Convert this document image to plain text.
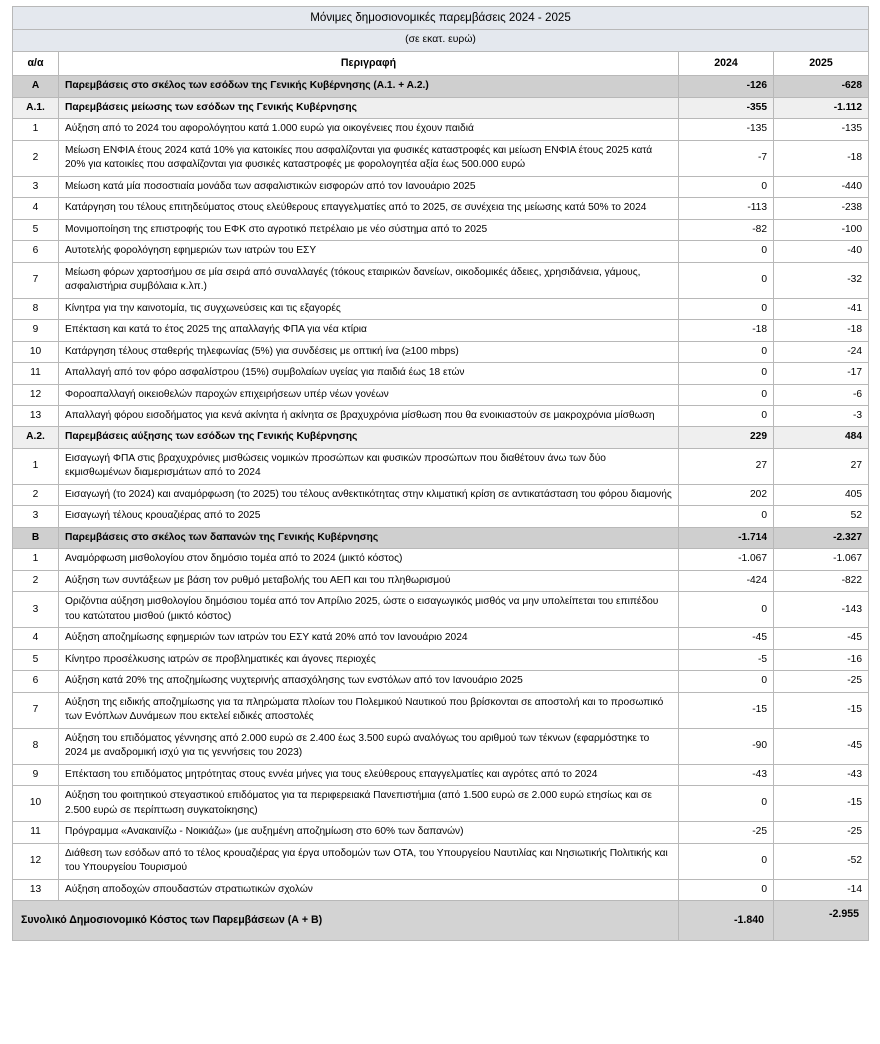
Μόνιμες δημοσιονομικές παρεμβάσεις 2024 - 2025			
(σε εκατ. ευρώ)			
α/α	Περιγραφή	2024	2025
Α	Παρεμβάσεις στο σκέλος των εσόδων της Γενικής Κυβέρνησης (Α.1. + Α.2.)	-126	-628
Α.1.	Παρεμβάσεις μείωσης των εσόδων της Γενικής Κυβέρνησης	-355	-1.112
1	Αύξηση από το 2024 του αφορολόγητου κατά 1.000 ευρώ για οικογένειες που έχουν παιδιά	-135	-135
2	Μείωση ΕΝΦΙΑ έτους 2024 κατά 10% για κατοικίες που ασφαλίζονται για φυσικές καταστροφές και μείωση ΕΝΦΙΑ έτους 2025 κατά 20% για κατοικίες που ασφαλίζονται για φυσικές καταστροφές με φορολογητέα αξία έως 500.000 ευρώ	-7	-18
3	Μείωση κατά μία ποσοστιαία μονάδα των ασφαλιστικών εισφορών από τον Ιανουάριο 2025	0	-440
4	Κατάργηση του τέλους επιτηδεύματος στους ελεύθερους επαγγελματίες από το 2025, σε συνέχεια της μείωσης κατά 50% το 2024	-113	-238
5	Μονιμοποίηση της επιστροφής του ΕΦΚ στο αγροτικό πετρέλαιο με νέο σύστημα από το 2025	-82	-100
6	Αυτοτελής φορολόγηση εφημεριών των ιατρών του ΕΣΥ	0	-40
7	Μείωση φόρων χαρτοσήμου σε μία σειρά από συναλλαγές (τόκους εταιρικών δανείων, οικοδομικές άδειες, χρησιδάνεια, γάμους, ασφαλιστήρια συμβόλαια κ.λπ.)	0	-32
8	Κίνητρα για την καινοτομία, τις συγχωνεύσεις και τις εξαγορές	0	-41
9	Επέκταση και κατά το έτος 2025 της απαλλαγής ΦΠΑ για νέα κτίρια	-18	-18
10	Κατάργηση τέλους σταθερής τηλεφωνίας (5%) για συνδέσεις με οπτική ίνα (≥100 mbps)	0	-24
11	Απαλλαγή από τον φόρο ασφαλίστρου (15%) συμβολαίων υγείας για παιδιά έως 18 ετών	0	-17
12	Φοροαπαλλαγή οικειοθελών παροχών επιχειρήσεων υπέρ νέων γονέων	0	-6
13	Απαλλαγή φόρου εισοδήματος για κενά ακίνητα ή ακίνητα σε βραχυχρόνια μίσθωση που θα ενοικιαστούν σε μακροχρόνια μίσθωση	0	-3
Α.2.	Παρεμβάσεις αύξησης των εσόδων της Γενικής Κυβέρνησης	229	484
1	Εισαγωγή ΦΠΑ στις βραχυχρόνιες μισθώσεις νομικών προσώπων και φυσικών προσώπων που διαθέτουν άνω των δύο εκμισθωμένων διαμερισμάτων από το 2024	27	27
2	Εισαγωγή (το 2024) και αναμόρφωση (το 2025) του τέλους ανθεκτικότητας στην κλιματική κρίση σε αντικατάσταση του φόρου διαμονής	202	405
3	Εισαγωγή τέλους κρουαζιέρας από το 2025	0	52
Β	Παρεμβάσεις στο σκέλος των δαπανών της Γενικής Κυβέρνησης	-1.714	-2.327
1	Αναμόρφωση μισθολογίου στον δημόσιο τομέα από το 2024 (μικτό κόστος)	-1.067	-1.067
2	Αύξηση των συντάξεων με βάση τον ρυθμό μεταβολής του ΑΕΠ και του πληθωρισμού	-424	-822
3	Οριζόντια αύξηση μισθολογίου δημόσιου τομέα από τον Απρίλιο 2025, ώστε ο εισαγωγικός μισθός να μην υπολείπεται του επιπέδου του κατώτατου μισθού (μικτό κόστος)	0	-143
4	Αύξηση αποζημίωσης εφημεριών των ιατρών του ΕΣΥ κατά 20% από τον Ιανουάριο 2024	-45	-45
5	Κίνητρο προσέλκυσης ιατρών σε προβληματικές και άγονες περιοχές	-5	-16
6	Αύξηση κατά 20% της αποζημίωσης νυχτερινής απασχόλησης των ενστόλων από τον Ιανουάριο 2025	0	-25
7	Αύξηση της ειδικής αποζημίωσης για τα πληρώματα πλοίων του Πολεμικού Ναυτικού που βρίσκονται σε αποστολή και το προσωπικό των Ενόπλων Δυνάμεων που εκτελεί ειδικές αποστολές	-15	-15
8	Αύξηση του επιδόματος γέννησης από 2.000 ευρώ σε 2.400 έως 3.500 ευρώ αναλόγως του αριθμού των τέκνων (εφαρμόστηκε το 2024 με αναδρομική ισχύ για τις γεννήσεις του 2023)	-90	-45
9	Επέκταση του επιδόματος μητρότητας στους εννέα μήνες για τους ελεύθερους επαγγελματίες και αγρότες από το 2024	-43	-43
10	Αύξηση του φοιτητικού στεγαστικού επιδόματος για τα περιφερειακά Πανεπιστήμια (από 1.500 ευρώ σε 2.000 ευρώ ετησίως και σε 2.500 ευρώ σε περίπτωση συγκατοίκησης)	0	-15
11	Πρόγραμμα «Ανακαινίζω - Νοικιάζω» (με αυξημένη αποζημίωση στο 60% των δαπανών)	-25	-25
12	Διάθεση των εσόδων από το τέλος κρουαζιέρας για έργα υποδομών των ΟΤΑ, του Υπουργείου Ναυτιλίας και Νησιωτικής Πολιτικής και του Υπουργείου Τουρισμού	0	-52
13	Αύξηση αποδοχών σπουδαστών στρατιωτικών σχολών	0	-14
Συνολικό Δημοσιονομικό Κόστος των Παρεμβάσεων (Α + Β)		-1.840	-2.955
